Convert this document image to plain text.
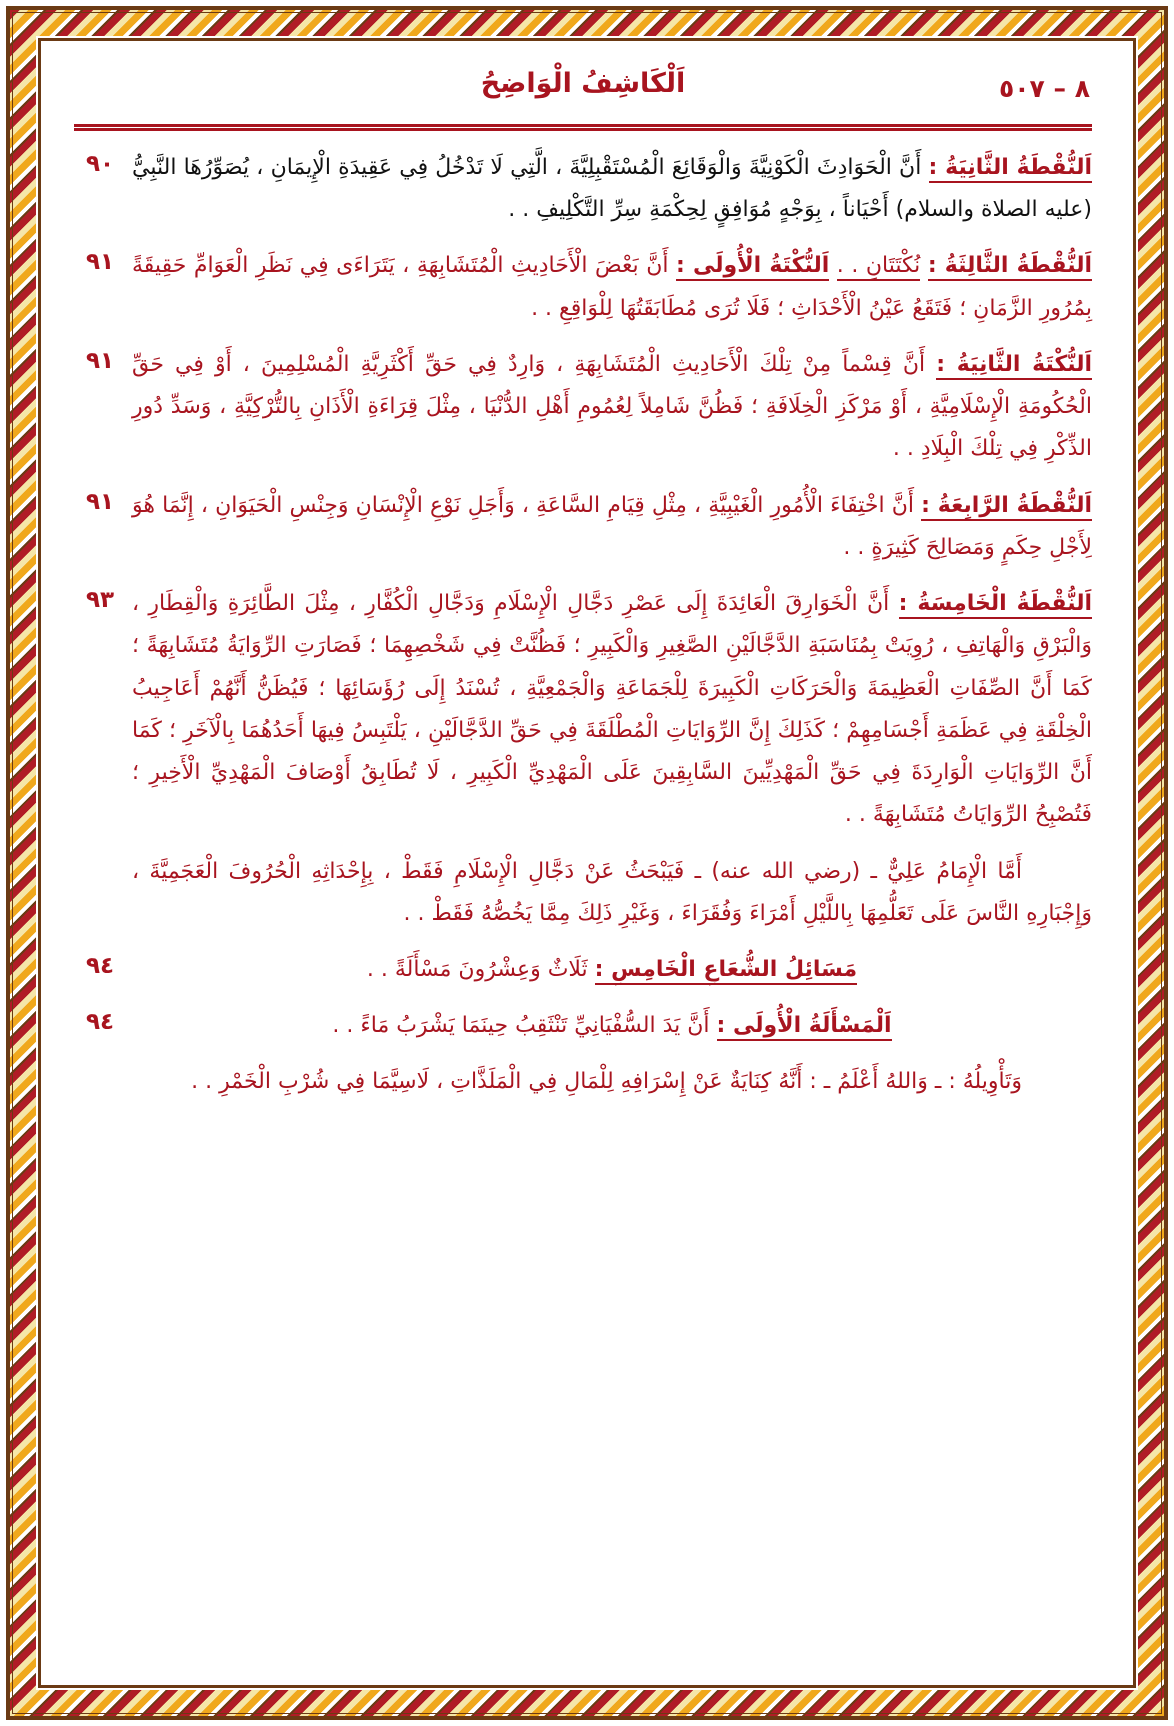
٨ – ٥٠٧
اَلْكَاشِفُ الْوَاضِحُ
٩٠	اَلنُّقْطَةُ الثَّانِيَةُ : أَنَّ الْحَوَادِثَ الْكَوْنِيَّةَ وَالْوَقَائِعَ الْمُسْتَقْبِلِيَّةَ ، الَّتِي لَا تَدْخُلُ فِي عَقِيدَةِ الْإِيمَانِ ، يُصَوِّرُهَا النَّبِيُّ (عليه الصلاة والسلام) أَحْيَاناً ، بِوَجْهٍ مُوَافِقٍ لِحِكْمَةِ سِرِّ التَّكْلِيفِ . .
٩١	اَلنُّقْطَةُ الثَّالِثَةُ : نُكْتَتَانِ . . اَلنُّكْتَةُ الْأُولَى : أَنَّ بَعْضَ الْأَحَادِيثِ الْمُتَشَابِهَةِ ، يَتَرَاءَى فِي نَظَرِ الْعَوَامِّ حَقِيقَةً بِمُرُورِ الزَّمَانِ ؛ فَتَقَعُ عَيْنُ الْأَحْدَاثِ ؛ فَلَا تُرَى مُطَابَقَتُهَا لِلْوَاقِعِ . .
٩١	اَلنُّكْتَةُ الثَّانِيَةُ : أَنَّ قِسْماً مِنْ تِلْكَ الْأَحَادِيثِ الْمُتَشَابِهَةِ ، وَارِدٌ فِي حَقِّ أَكْثَرِيَّةِ الْمُسْلِمِينَ ، أَوْ فِي حَقِّ الْحُكُومَةِ الْإِسْلَامِيَّةِ ، أَوْ مَرْكَزِ الْخِلَافَةِ ؛ فَظُنَّ شَامِلاً لِعُمُومِ أَهْلِ الدُّنْيَا ، مِثْلَ قِرَاءَةِ الْأَذَانِ بِالتُّرْكِيَّةِ ، وَسَدِّ دُورِ الذِّكْرِ فِي تِلْكَ الْبِلَادِ . .
٩١	اَلنُّقْطَةُ الرَّابِعَةُ : أَنَّ اخْتِفَاءَ الْأُمُورِ الْغَيْبِيَّةِ ، مِثْلِ قِيَامِ السَّاعَةِ ، وَأَجَلِ نَوْعِ الْإِنْسَانِ وَجِنْسِ الْحَيَوَانِ ، إِنَّمَا هُوَ لِأَجْلِ حِكَمٍ وَمَصَالِحَ كَثِيرَةٍ . .
٩٣	اَلنُّقْطَةُ الْخَامِسَةُ : أَنَّ الْخَوَارِقَ الْعَائِدَةَ إِلَى عَصْرِ دَجَّالِ الْإِسْلَامِ وَدَجَّالِ الْكُفَّارِ ، مِثْلَ الطَّائِرَةِ وَالْقِطَارِ ، وَالْبَرْقِ وَالْهَاتِفِ ، رُوِيَتْ بِمُنَاسَبَةِ الدَّجَّالَيْنِ الصَّغِيرِ وَالْكَبِيرِ ؛ فَظُنَّتْ فِي شَخْصِهِمَا ؛ فَصَارَتِ الرِّوَايَةُ مُتَشَابِهَةً ؛ كَمَا أَنَّ الصِّفَاتِ الْعَظِيمَةَ وَالْحَرَكَاتِ الْكَبِيرَةَ لِلْجَمَاعَةِ وَالْجَمْعِيَّةِ ، تُسْنَدُ إِلَى رُؤَسَائِهَا ؛ فَيُظَنُّ أَنَّهُمْ أَعَاجِيبُ الْخِلْقَةِ فِي عَظَمَةِ أَجْسَامِهِمْ ؛ كَذَلِكَ إِنَّ الرِّوَايَاتِ الْمُطْلَقَةَ فِي حَقِّ الدَّجَّالَيْنِ ، يَلْتَبِسُ فِيهَا أَحَدُهُمَا بِالْآخَرِ ؛ كَمَا أَنَّ الرِّوَايَاتِ الْوَارِدَةَ فِي حَقِّ الْمَهْدِيِّينَ السَّابِقِينَ عَلَى الْمَهْدِيِّ الْكَبِيرِ ، لَا تُطَابِقُ أَوْصَافَ الْمَهْدِيِّ الْأَخِيرِ ؛ فَتُصْبِحُ الرِّوَايَاتُ مُتَشَابِهَةً . .
أَمَّا الْإِمَامُ عَلِيٌّ ـ (رضي الله عنه) ـ فَيَبْحَثُ عَنْ دَجَّالِ الْإِسْلَامِ فَقَطْ ، بِإِحْدَاثِهِ الْحُرُوفَ الْعَجَمِيَّةَ ، وَإِجْبَارِهِ النَّاسَ عَلَى تَعَلُّمِهَا بِاللَّيْلِ أَمْرَاءَ وَفُقَرَاءَ ، وَغَيْرِ ذَلِكَ مِمَّا يَخُصُّهُ فَقَطْ . .
٩٤	مَسَائِلُ الشُّعَاعِ الْخَامِسِ : ثَلَاثٌ وَعِشْرُونَ مَسْأَلَةً . .
٩٤	اَلْمَسْأَلَةُ الْأُولَى : أَنَّ يَدَ السُّفْيَانِيِّ تَنْثَقِبُ حِينَمَا يَشْرَبُ مَاءً . .
وَتَأْوِيلُهُ : ـ وَاللهُ أَعْلَمُ ـ : أَنَّهُ كِنَايَةٌ عَنْ إِسْرَافِهِ لِلْمَالِ فِي الْمَلَذَّاتِ ، لَاسِيَّمَا فِي شُرْبِ الْخَمْرِ . .
